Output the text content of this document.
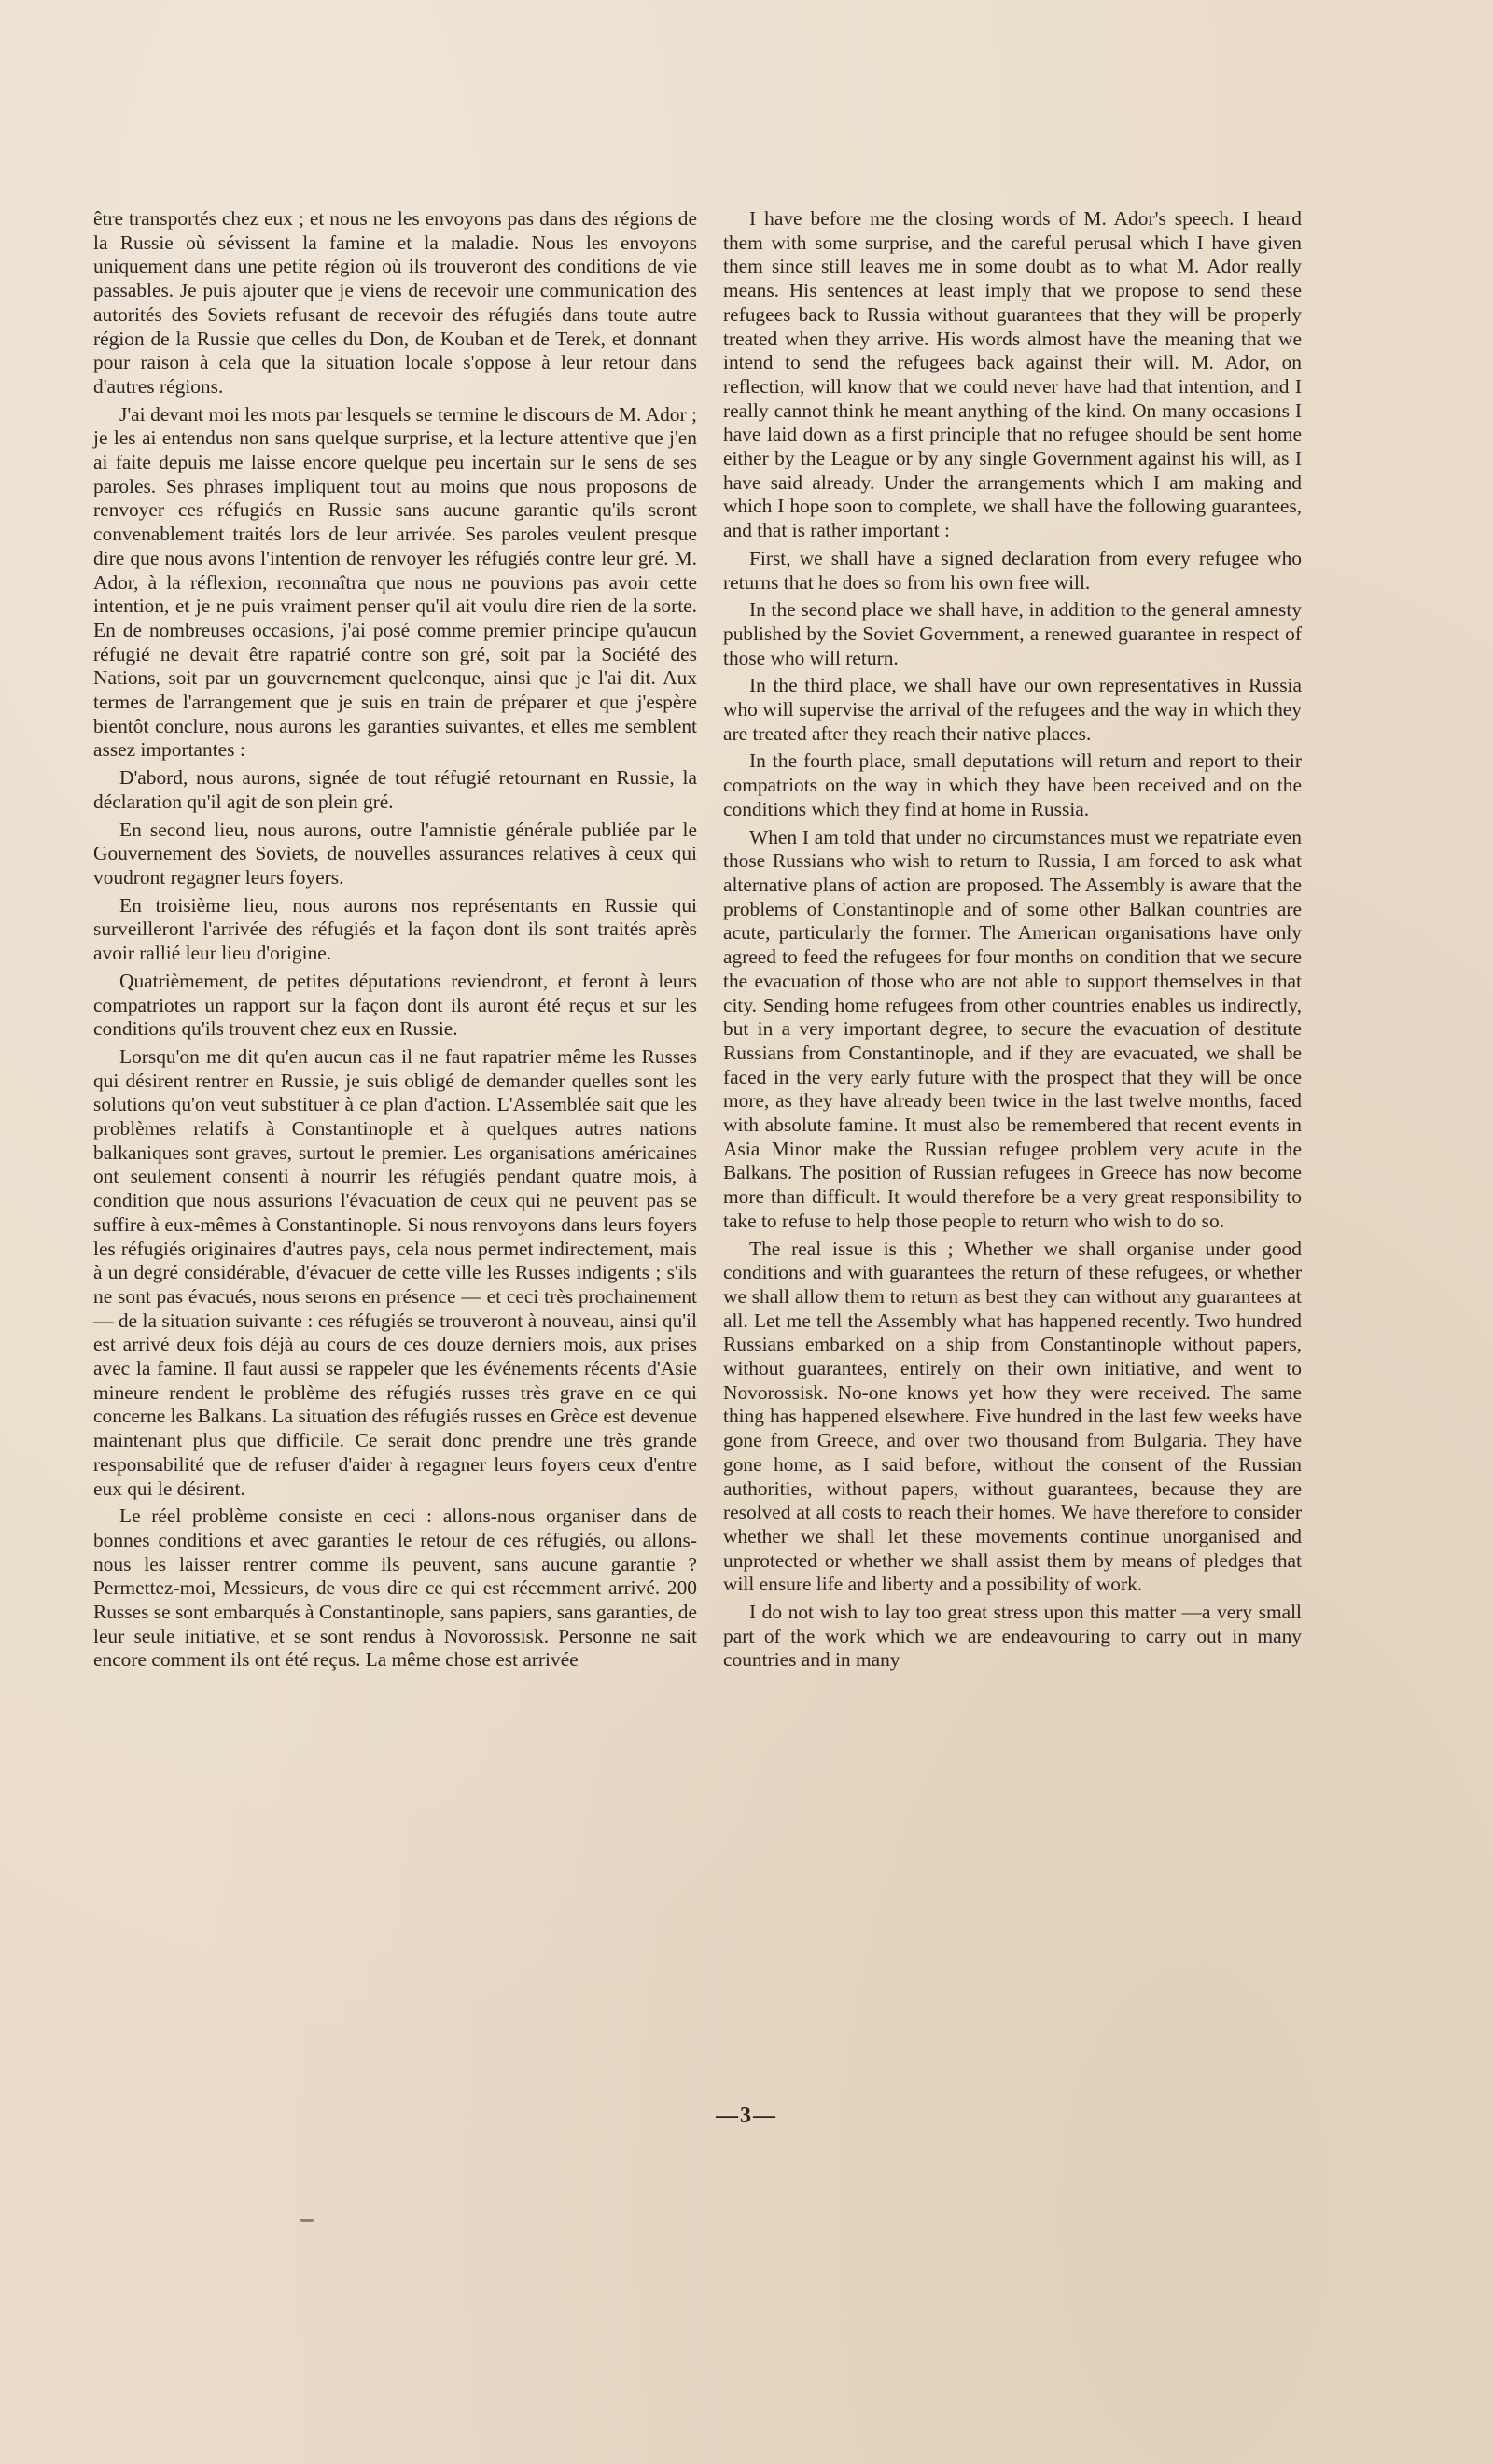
être transportés chez eux ; et nous ne les envoyons pas dans des régions de la Russie où sévissent la famine et la maladie. Nous les envoyons uniquement dans une petite région où ils trouveront des conditions de vie passables. Je puis ajouter que je viens de recevoir une communication des autorités des Soviets refusant de recevoir des réfugiés dans toute autre région de la Russie que celles du Don, de Kouban et de Terek, et donnant pour raison à cela que la situation locale s'oppose à leur retour dans d'autres régions.

J'ai devant moi les mots par lesquels se termine le discours de M. Ador ; je les ai entendus non sans quelque surprise, et la lecture attentive que j'en ai faite depuis me laisse encore quelque peu incertain sur le sens de ses paroles. Ses phrases impliquent tout au moins que nous proposons de renvoyer ces réfugiés en Russie sans aucune garantie qu'ils seront convenablement traités lors de leur arrivée. Ses paroles veulent presque dire que nous avons l'intention de renvoyer les réfugiés contre leur gré. M. Ador, à la réflexion, reconnaîtra que nous ne pouvions pas avoir cette intention, et je ne puis vraiment penser qu'il ait voulu dire rien de la sorte. En de nombreuses occasions, j'ai posé comme premier principe qu'aucun réfugié ne devait être rapatrié contre son gré, soit par la Société des Nations, soit par un gouvernement quelconque, ainsi que je l'ai dit. Aux termes de l'arrangement que je suis en train de préparer et que j'espère bientôt conclure, nous aurons les garanties suivantes, et elles me semblent assez importantes :

D'abord, nous aurons, signée de tout réfugié retournant en Russie, la déclaration qu'il agit de son plein gré.

En second lieu, nous aurons, outre l'amnistie générale publiée par le Gouvernement des Soviets, de nouvelles assurances relatives à ceux qui voudront regagner leurs foyers.

En troisième lieu, nous aurons nos représentants en Russie qui surveilleront l'arrivée des réfugiés et la façon dont ils sont traités après avoir rallié leur lieu d'origine.

Quatrièmement, de petites députations reviendront, et feront à leurs compatriotes un rapport sur la façon dont ils auront été reçus et sur les conditions qu'ils trouvent chez eux en Russie.

Lorsqu'on me dit qu'en aucun cas il ne faut rapatrier même les Russes qui désirent rentrer en Russie, je suis obligé de demander quelles sont les solutions qu'on veut substituer à ce plan d'action. L'Assemblée sait que les problèmes relatifs à Constantinople et à quelques autres nations balkaniques sont graves, surtout le premier. Les organisations américaines ont seulement consenti à nourrir les réfugiés pendant quatre mois, à condition que nous assurions l'évacuation de ceux qui ne peuvent pas se suffire à eux-mêmes à Constantinople. Si nous renvoyons dans leurs foyers les réfugiés originaires d'autres pays, cela nous permet indirectement, mais à un degré considérable, d'évacuer de cette ville les Russes indigents ; s'ils ne sont pas évacués, nous serons en présence — et ceci très prochainement — de la situation suivante : ces réfugiés se trouveront à nouveau, ainsi qu'il est arrivé deux fois déjà au cours de ces douze derniers mois, aux prises avec la famine. Il faut aussi se rappeler que les événements récents d'Asie mineure rendent le problème des réfugiés russes très grave en ce qui concerne les Balkans. La situation des réfugiés russes en Grèce est devenue maintenant plus que difficile. Ce serait donc prendre une très grande responsabilité que de refuser d'aider à regagner leurs foyers ceux d'entre eux qui le désirent.

Le réel problème consiste en ceci : allons-nous organiser dans de bonnes conditions et avec garanties le retour de ces réfugiés, ou allons-nous les laisser rentrer comme ils peuvent, sans aucune garantie ? Permettez-moi, Messieurs, de vous dire ce qui est récemment arrivé. 200 Russes se sont embarqués à Constantinople, sans papiers, sans garanties, de leur seule initiative, et se sont rendus à Novorossisk. Personne ne sait encore comment ils ont été reçus. La même chose est arrivée

I have before me the closing words of M. Ador's speech. I heard them with some surprise, and the careful perusal which I have given them since still leaves me in some doubt as to what M. Ador really means. His sentences at least imply that we propose to send these refugees back to Russia without guarantees that they will be properly treated when they arrive. His words almost have the meaning that we intend to send the refugees back against their will. M. Ador, on reflection, will know that we could never have had that intention, and I really cannot think he meant anything of the kind. On many occasions I have laid down as a first principle that no refugee should be sent home either by the League or by any single Government against his will, as I have said already. Under the arrangements which I am making and which I hope soon to complete, we shall have the following guarantees, and that is rather important :

First, we shall have a signed declaration from every refugee who returns that he does so from his own free will.

In the second place we shall have, in addition to the general amnesty published by the Soviet Government, a renewed guarantee in respect of those who will return.

In the third place, we shall have our own representatives in Russia who will supervise the arrival of the refugees and the way in which they are treated after they reach their native places.

In the fourth place, small deputations will return and report to their compatriots on the way in which they have been received and on the conditions which they find at home in Russia.

When I am told that under no circumstances must we repatriate even those Russians who wish to return to Russia, I am forced to ask what alternative plans of action are proposed. The Assembly is aware that the problems of Constantinople and of some other Balkan countries are acute, particularly the former. The American organisations have only agreed to feed the refugees for four months on condition that we secure the evacuation of those who are not able to support themselves in that city. Sending home refugees from other countries enables us indirectly, but in a very important degree, to secure the evacuation of destitute Russians from Constantinople, and if they are evacuated, we shall be faced in the very early future with the prospect that they will be once more, as they have already been twice in the last twelve months, faced with absolute famine. It must also be remembered that recent events in Asia Minor make the Russian refugee problem very acute in the Balkans. The position of Russian refugees in Greece has now become more than difficult. It would therefore be a very great responsibility to take to refuse to help those people to return who wish to do so.

The real issue is this ; Whether we shall organise under good conditions and with guarantees the return of these refugees, or whether we shall allow them to return as best they can without any guarantees at all. Let me tell the Assembly what has happened recently. Two hundred Russians embarked on a ship from Constantinople without papers, without guarantees, entirely on their own initiative, and went to Novorossisk. No-one knows yet how they were received. The same thing has happened elsewhere. Five hundred in the last few weeks have gone from Greece, and over two thousand from Bulgaria. They have gone home, as I said before, without the consent of the Russian authorities, without papers, without guarantees, because they are resolved at all costs to reach their homes. We have therefore to consider whether we shall let these movements continue unorganised and unprotected or whether we shall assist them by means of pledges that will ensure life and liberty and a possibility of work.

I do not wish to lay too great stress upon this matter —a very small part of the work which we are endeavouring to carry out in many countries and in many

—3—
